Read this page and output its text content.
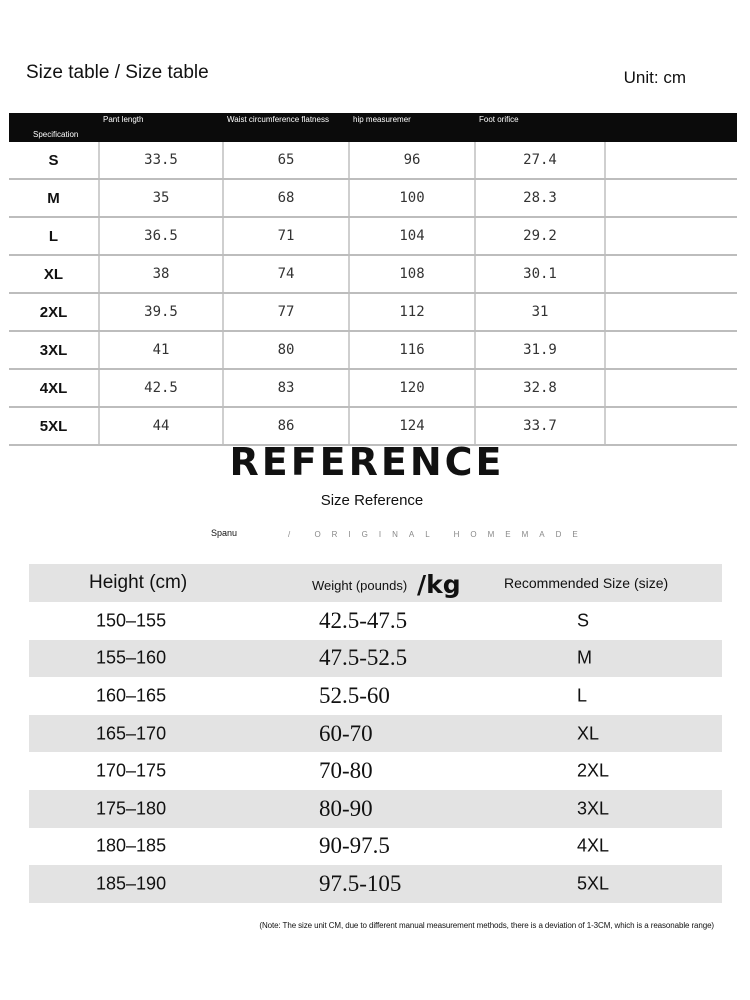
Size table / Size table	Unit: cm
Specification	Pant length	Waist circumference flatness	hip measuremer	Foot orifice	
S	33.5	65	96	27.4	
M	35	68	100	28.3	
L	36.5	71	104	29.2	
XL	38	74	108	30.1	
2XL	39.5	77	112	31	
3XL	41	80	116	31.9	
4XL	42.5	83	120	32.8	
5XL	44	86	124	33.7	
REFERENCE
Size Reference
Spanu	/ ORIGINAL HOMEMADE
Height (cm)	Weight (pounds) /kg	Recommended Size (size)
150–155	42.5-47.5	S
155–160	47.5-52.5	M
160–165	52.5-60	L
165–170	60-70	XL
170–175	70-80	2XL
175–180	80-90	3XL
180–185	90-97.5	4XL
185–190	97.5-105	5XL
(Note: The size unit CM, due to different manual measurement methods, there is a deviation of 1-3CM, which is a reasonable range)
